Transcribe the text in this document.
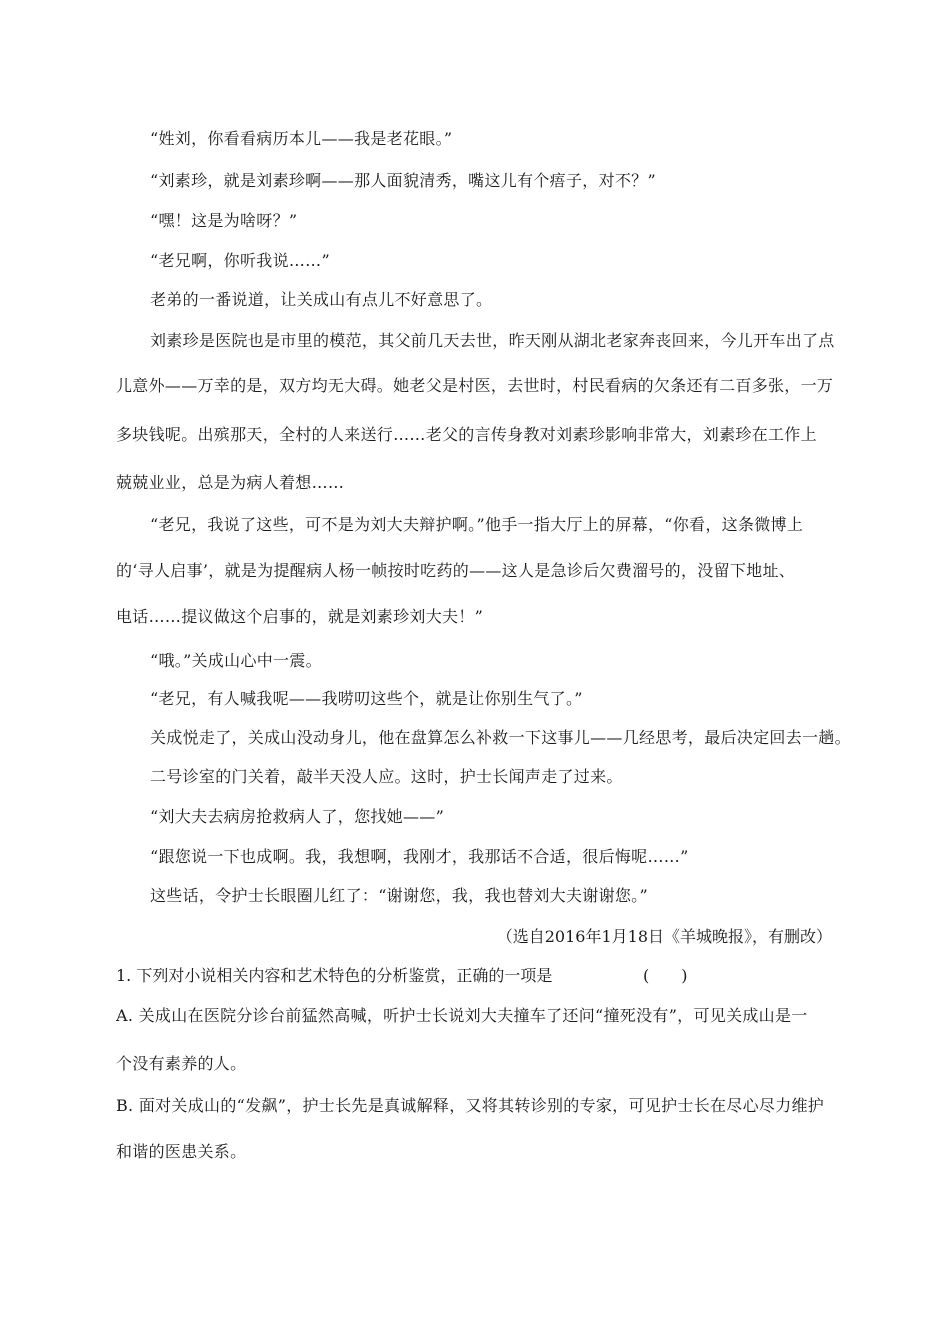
“姓刘，你看看病历本儿——我是老花眼。”
“刘素珍，就是刘素珍啊——那人面貌清秀，嘴这儿有个痦子，对不？”
“嘿！这是为啥呀？”
“老兄啊，你听我说……”
老弟的一番说道，让关成山有点儿不好意思了。
刘素珍是医院也是市里的模范，其父前几天去世，昨天刚从湖北老家奔丧回来，今儿开车出了点
儿意外——万幸的是，双方均无大碍。她老父是村医，去世时，村民看病的欠条还有二百多张，一万
多块钱呢。出殡那天，全村的人来送行……老父的言传身教对刘素珍影响非常大，刘素珍在工作上
兢兢业业，总是为病人着想……
“老兄，我说了这些，可不是为刘大夫辩护啊。”他手一指大厅上的屏幕，“你看，这条微博上
的‘寻人启事’，就是为提醒病人杨一帧按时吃药的——这人是急诊后欠费溜号的，没留下地址、
电话……提议做这个启事的，就是刘素珍刘大夫！”
“哦。”关成山心中一震。
“老兄，有人喊我呢——我唠叨这些个，就是让你别生气了。”
关成悦走了，关成山没动身儿，他在盘算怎么补救一下这事儿——几经思考，最后决定回去一趟。
二号诊室的门关着，敲半天没人应。这时，护士长闻声走了过来。
“刘大夫去病房抢救病人了，您找她——”
“跟您说一下也成啊。我，我想啊，我刚才，我那话不合适，很后悔呢……”
这些话，令护士长眼圈儿红了：“谢谢您，我，我也替刘大夫谢谢您。”
（选自2016年1月18日《羊城晚报》，有删改）
1. 下列对小说相关内容和艺术特色的分析鉴赏，正确的一项是	(　　)
A. 关成山在医院分诊台前猛然高喊，听护士长说刘大夫撞车了还问“撞死没有”，可见关成山是一
个没有素养的人。
B. 面对关成山的“发飙”，护士长先是真诚解释，又将其转诊别的专家，可见护士长在尽心尽力维护
和谐的医患关系。
